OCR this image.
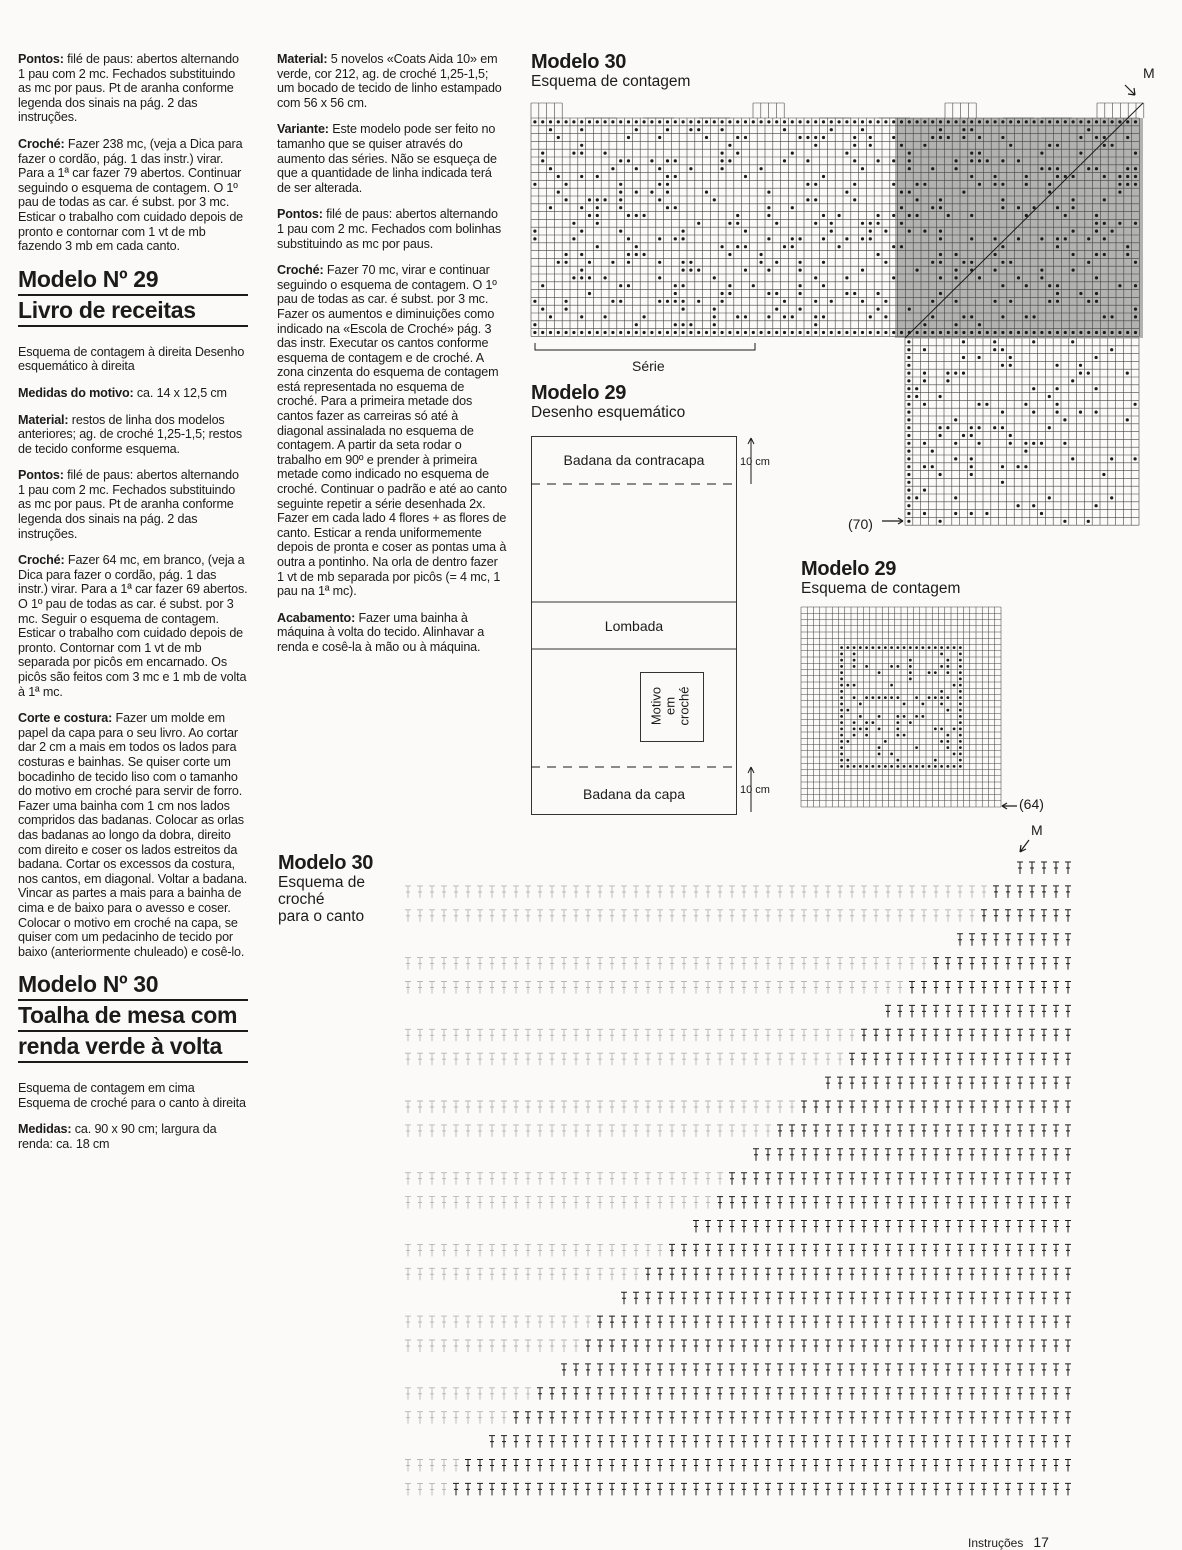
Pontos: filé de paus: abertos alternando 1 pau com 2 mc. Fechados substituindo as mc por paus. Pt de aranha conforme legenda dos sinais na pág. 2 das instruções.

Croché: Fazer 238 mc, (veja a Dica para fazer o cordão, pág. 1 das instr.) virar. Para a 1ª car fazer 79 abertos. Continuar seguindo o esquema de contagem. O 1º pau de todas as car. é subst. por 3 mc. Esticar o trabalho com cuidado depois de pronto e contornar com 1 vt de mb fazendo 3 mb em cada canto.

Modelo Nº 29
Livro de receitas

Esquema de contagem à direita Desenho esquemático à direita

Medidas do motivo: ca. 14 x 12,5 cm

Material: restos de linha dos modelos anteriores; ag. de croché 1,25-1,5; restos de tecido conforme esquema.

Pontos: filé de paus: abertos alternando 1 pau com 2 mc. Fechados substituindo as mc por paus. Pt de aranha conforme legenda dos sinais na pág. 2 das instruções.

Croché: Fazer 64 mc, em branco, (veja a Dica para fazer o cordão, pág. 1 das instr.) virar. Para a 1ª car fazer 69 abertos. O 1º pau de todas as car. é subst. por 3 mc. Seguir o esquema de contagem. Esticar o trabalho com cuidado depois de pronto. Contornar com 1 vt de mb separada por picôs em encarnado. Os picôs são feitos com 3 mc e 1 mb de volta à 1ª mc.

Corte e costura: Fazer um molde em papel da capa para o seu livro. Ao cortar dar 2 cm a mais em todos os lados para costuras e bainhas. Se quiser corte um bocadinho de tecido liso com o tamanho do motivo em croché para servir de forro. Fazer uma bainha com 1 cm nos lados compridos das badanas. Colocar as orlas das badanas ao longo da dobra, direito com direito e coser os lados estreitos da badana. Cortar os excessos da costura, nos cantos, em diagonal. Voltar a badana. Vincar as partes a mais para a bainha de cima e de baixo para o avesso e coser. Colocar o motivo em croché na capa, se quiser com um pedacinho de tecido por baixo (anteriormente chuleado) e cosê-lo.

Modelo Nº 30
Toalha de mesa com
renda verde à volta

Esquema de contagem em cima Esquema de croché para o canto à direita

Medidas: ca. 90 x 90 cm; largura da renda: ca. 18 cm

Material: 5 novelos «Coats Aida 10» em verde, cor 212, ag. de croché 1,25-1,5; um bocado de tecido de linho estampado com 56 x 56 cm.

Variante: Este modelo pode ser feito no tamanho que se quiser através do aumento das séries. Não se esqueça de que a quantidade de linha indicada terá de ser alterada.

Pontos: filé de paus: abertos alternando 1 pau com 2 mc. Fechados com bolinhas substituindo as mc por paus.

Croché: Fazer 70 mc, virar e continuar seguindo o esquema de contagem. O 1º pau de todas as car. é subst. por 3 mc. Fazer os aumentos e diminuições como indicado na «Escola de Croché» pág. 3 das instr. Executar os cantos conforme esquema de contagem e de croché. A zona cinzenta do esquema de contagem está representada no esquema de croché. Para a primeira metade dos cantos fazer as carreiras só até à diagonal assinalada no esquema de contagem. A partir da seta rodar o trabalho em 90º e prender à primeira metade como indicado no esquema de croché. Continuar o padrão e até ao canto seguinte repetir a série desenhada 2x. Fazer em cada lado 4 flores + as flores de canto. Esticar a renda uniformemente depois de pronta e coser as pontas uma à outra a pontinho. Na orla de dentro fazer 1 vt de mb separada por picôs (= 4 mc, 1 pau na 1ª mc).

Acabamento: Fazer uma bainha à máquina à volta do tecido. Alinhavar a renda e cosê-la à mão ou à máquina.

Modelo 30
Esquema de contagem	M
Série
(70)
Modelo 29
Desenho esquemático
Badana da contracapa
Lombada
Badana da capa
Motivo em croché
10 cm
10 cm
Modelo 29
Esquema de contagem
(64)
Modelo 30
Esquema de
croché
para o canto
M
Instruções 17
